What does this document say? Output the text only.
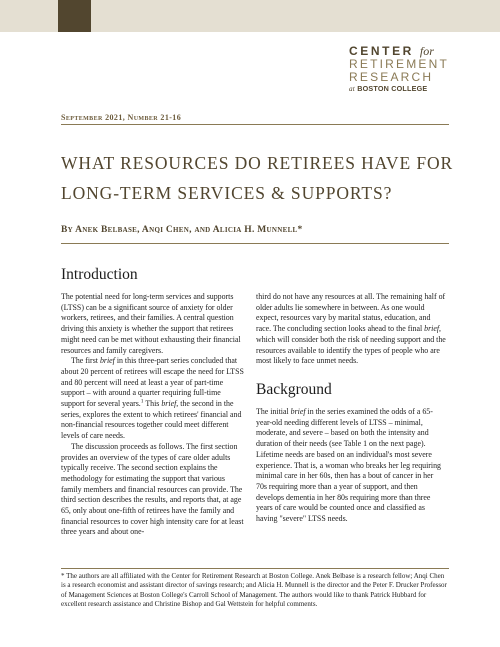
CENTER for
RETIREMENT
RESEARCH
at BOSTON COLLEGE
September 2021, Number 21-16
WHAT RESOURCES DO RETIREES HAVE FOR LONG-TERM SERVICES & SUPPORTS?
By Anek Belbase, Anqi Chen, and Alicia H. Munnell*
Introduction

The potential need for long-term services and supports (LTSS) can be a significant source of anxiety for older workers, retirees, and their families. A central question driving this anxiety is whether the support that retirees might need can be met without exhausting their financial resources and family caregivers.

The first brief in this three-part series concluded that about 20 percent of retirees will escape the need for LTSS and 80 percent will need at least a year of part-time support – with around a quarter requiring full-time support for several years.$^1$ This brief, the second in the series, explores the extent to which retirees' financial and non-financial resources together could meet different levels of care needs.

The discussion proceeds as follows. The first section provides an overview of the types of care older adults typically receive. The second section explains the methodology for estimating the support that various family members and financial resources can provide. The third section describes the results, and reports that, at age 65, only about one-fifth of retirees have the family and financial resources to cover high intensity care for at least three years and about one-

third do not have any resources at all. The remaining half of older adults lie somewhere in between. As one would expect, resources vary by marital status, education, and race. The concluding section looks ahead to the final brief, which will consider both the risk of needing support and the resources available to identify the types of people who are most likely to face unmet needs.

Background

The initial brief in the series examined the odds of a 65-year-old needing different levels of LTSS – minimal, moderate, and severe – based on both the intensity and duration of their needs (see Table 1 on the next page). Lifetime needs are based on an individual's most severe experience. That is, a woman who breaks her leg requiring minimal care in her 60s, then has a bout of cancer in her 70s requiring more than a year of support, and then develops dementia in her 80s requiring more than three years of care would be counted once and classified as having "severe" LTSS needs.

* The authors are all affiliated with the Center for Retirement Research at Boston College. Anek Belbase is a research fellow; Anqi Chen is a research economist and assistant director of savings research; and Alicia H. Munnell is the director and the Peter F. Drucker Professor of Management Sciences at Boston College's Carroll School of Management. The authors would like to thank Patrick Hubbard for excellent research assistance and Christine Bishop and Gal Wettstein for helpful comments.
